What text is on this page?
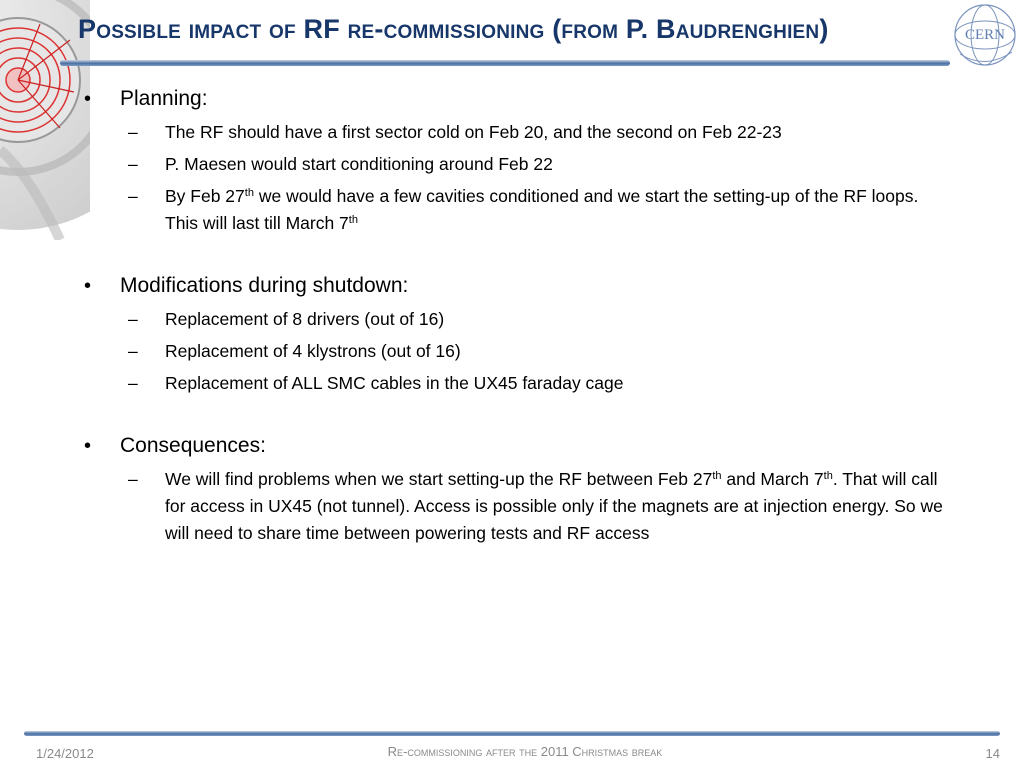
CERN
Possible impact of RF re-commissioning (from P. Baudrenghien)
• Planning:
– The RF should have a first sector cold on Feb 20, and the second on Feb 22-23
– P. Maesen would start conditioning around Feb 22
– By Feb 27th we would have a few cavities conditioned and we start the setting-up of the RF loops. This will last till March 7th
• Modifications during shutdown:
– Replacement of 8 drivers (out of 16)
– Replacement of 4 klystrons (out of 16)
– Replacement of ALL SMC cables in the UX45 faraday cage
• Consequences:
– We will find problems when we start setting-up the RF between Feb 27th and March 7th. That will call for access in UX45 (not tunnel). Access is possible only if the magnets are at injection energy. So we will need to share time between powering tests and RF access
1/24/2012	Re-commissioning after the 2011 Christmas break	14
